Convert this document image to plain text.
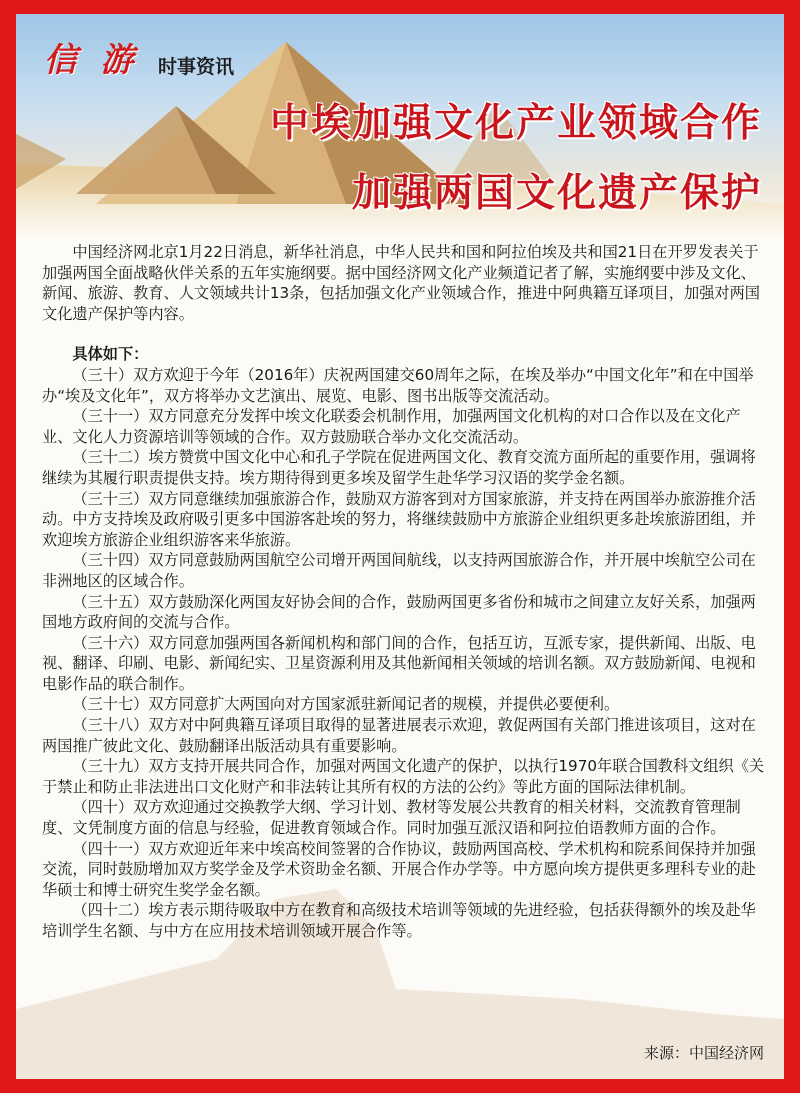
信 游 时事资讯
中埃加强文化产业领域合作
加强两国文化遗产保护

中国经济网北京1月22日消息，新华社消息，中华人民共和国和阿拉伯埃及共和国21日在开罗发表关于加强两国全面战略伙伴关系的五年实施纲要。据中国经济网文化产业频道记者了解，实施纲要中涉及文化、新闻、旅游、教育、人文领域共计13条，包括加强文化产业领域合作，推进中阿典籍互译项目，加强对两国文化遗产保护等内容。

具体如下：

（三十）双方欢迎于今年（2016年）庆祝两国建交60周年之际，在埃及举办“中国文化年”和在中国举办“埃及文化年”，双方将举办文艺演出、展览、电影、图书出版等交流活动。

（三十一）双方同意充分发挥中埃文化联委会机制作用，加强两国文化机构的对口合作以及在文化产业、文化人力资源培训等领域的合作。双方鼓励联合举办文化交流活动。

（三十二）埃方赞赏中国文化中心和孔子学院在促进两国文化、教育交流方面所起的重要作用，强调将继续为其履行职责提供支持。埃方期待得到更多埃及留学生赴华学习汉语的奖学金名额。

（三十三）双方同意继续加强旅游合作，鼓励双方游客到对方国家旅游，并支持在两国举办旅游推介活动。中方支持埃及政府吸引更多中国游客赴埃的努力，将继续鼓励中方旅游企业组织更多赴埃旅游团组，并欢迎埃方旅游企业组织游客来华旅游。

（三十四）双方同意鼓励两国航空公司增开两国间航线，以支持两国旅游合作，并开展中埃航空公司在非洲地区的区域合作。

（三十五）双方鼓励深化两国友好协会间的合作，鼓励两国更多省份和城市之间建立友好关系，加强两国地方政府间的交流与合作。

（三十六）双方同意加强两国各新闻机构和部门间的合作，包括互访，互派专家，提供新闻、出版、电视、翻译、印刷、电影、新闻纪实、卫星资源利用及其他新闻相关领域的培训名额。双方鼓励新闻、电视和电影作品的联合制作。

（三十七）双方同意扩大两国向对方国家派驻新闻记者的规模，并提供必要便利。

（三十八）双方对中阿典籍互译项目取得的显著进展表示欢迎，敦促两国有关部门推进该项目，这对在两国推广彼此文化、鼓励翻译出版活动具有重要影响。

（三十九）双方支持开展共同合作，加强对两国文化遗产的保护，以执行1970年联合国教科文组织《关于禁止和防止非法进出口文化财产和非法转让其所有权的方法的公约》等此方面的国际法律机制。

（四十）双方欢迎通过交换教学大纲、学习计划、教材等发展公共教育的相关材料，交流教育管理制度、文凭制度方面的信息与经验，促进教育领域合作。同时加强互派汉语和阿拉伯语教师方面的合作。

（四十一）双方欢迎近年来中埃高校间签署的合作协议，鼓励两国高校、学术机构和院系间保持并加强交流，同时鼓励增加双方奖学金及学术资助金名额、开展合作办学等。中方愿向埃方提供更多理科专业的赴华硕士和博士研究生奖学金名额。

（四十二）埃方表示期待吸取中方在教育和高级技术培训等领域的先进经验，包括获得额外的埃及赴华培训学生名额、与中方在应用技术培训领域开展合作等。

来源：中国经济网
